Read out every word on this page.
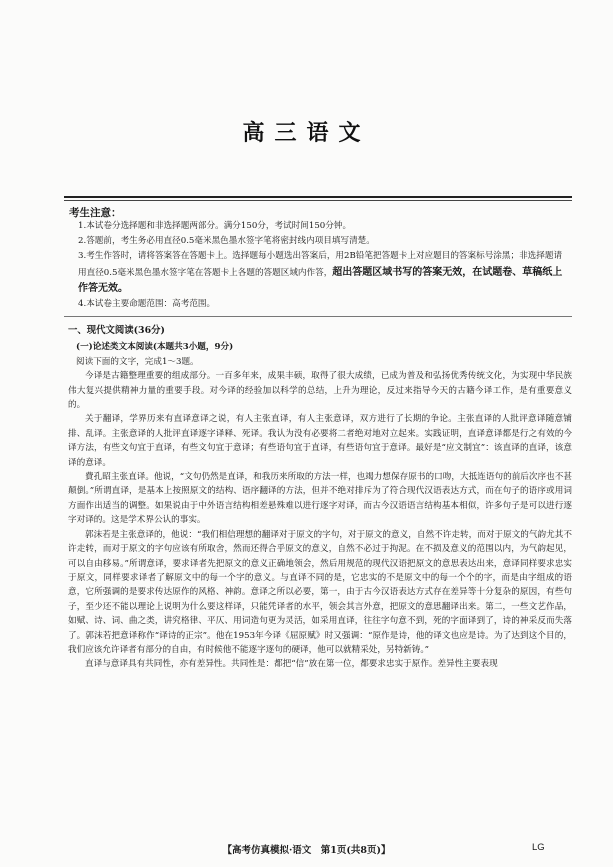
高三语文
考生注意：

1.本试卷分选择题和非选择题两部分。满分150分，考试时间150分钟。

2.答题前，考生务必用直径0.5毫米黑色墨水签字笔将密封线内项目填写清楚。

3.考生作答时，请将答案答在答题卡上。选择题每小题选出答案后，用2B铅笔把答题卡上对应题目的答案标号涂黑；非选择题请用直径0.5毫米黑色墨水签字笔在答题卡上各题的答题区域内作答，超出答题区域书写的答案无效，在试题卷、草稿纸上作答无效。

4.本试卷主要命题范围：高考范围。

一、现代文阅读(36分)

(一)论述类文本阅读(本题共3小题，9分)

阅读下面的文字，完成1～3题。

今译是古籍整理重要的组成部分。一百多年来，成果丰硕，取得了很大成绩，已成为普及和弘扬优秀传统文化，为实现中华民族伟大复兴提供精神力量的重要手段。对今译的经验加以科学的总结，上升为理论，反过来指导今天的古籍今译工作，是有重要意义的。

关于翻译，学界历来有直译意译之说，有人主张直译，有人主张意译，双方进行了长期的争论。主张直译的人批评意译随意铺排、乱译。主张意译的人批评直译逐字译释、死译。我认为没有必要将二者绝对地对立起来。实践证明，直译意译都是行之有效的今译方法，有些文句宜于直译，有些文句宜于意译；有些语句宜于直译，有些语句宜于意译。最好是“应文制宜”：该直译的直译，该意译的意译。

費孔昭主张直译。他说，“文句仍然是直译，和我历来所取的方法一样，也竭力想保存原书的口吻，大抵连语句的前后次序也不甚颠倒。”所谓直译，是基本上按照原文的结构、语序翻译的方法，但并不绝对排斥为了符合现代汉语表达方式，而在句子的语序或用词方面作出适当的调整。如果说由于中外语言结构相差悬殊难以进行逐字对译，而古今汉语语言结构基本相似，许多句子是可以进行逐字对译的。这是学术界公认的事实。

郭沫若是主张意译的，他说：“我们相信理想的翻译对于原文的字句，对于原文的意义，自然不许走转，而对于原文的气韵尤其不许走转，而对于原文的字句应该有所取舍，然而还得合乎原文的意义，自然不必过于拘泥。在不损及意义的范围以内，为气韵起见，可以自由移易。”所谓意译，要求译者先把原文的意义正确地领会，然后用规范的现代汉语把原文的意思表达出来，意译同样要求忠实于原文，同样要求译者了解原文中的每一个字的意义。与直译不同的是，它忠实的不是原文中的每一个个的字，而是由字组成的语意，它所强调的是要求传达原作的风格、神韵。意译之所以必要，第一，由于古今汉语表达方式存在差异等十分复杂的原因，有些句子，至少还不能以理论上说明为什么要这样译，只能凭译者的水平，领会其言外意，把原文的意思翻译出来。第二，一些文艺作品，如赋、诗、词、曲之类，讲究格律、平仄、用词造句更为灵活，如采用直译，往往字句意不到，死的字面译到了，诗的神采反而失落了。郭沫若把意译称作“译诗的正宗”。他在1953年今译《屈原赋》时又强调：“原作是诗，他的译文也应是诗。为了达到这个目的，我们应该允许译者有部分的自由，有时候他不能逐字逐句的硬译，他可以就精采处，另特新铸。”

直译与意译具有共同性，亦有差异性。共同性是：都把“信”放在第一位，都要求忠实于原作。差异性主要表现

【高考仿真模拟·语文　第1页(共8页)】	LG
